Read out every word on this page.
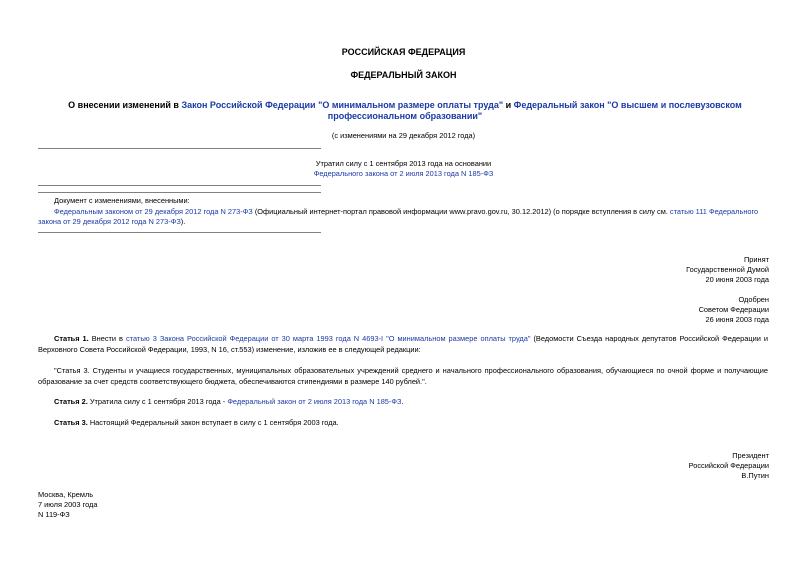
РОССИЙСКАЯ ФЕДЕРАЦИЯ
ФЕДЕРАЛЬНЫЙ ЗАКОН
О внесении изменений в Закон Российской Федерации "О минимальном размере оплаты труда" и Федеральный закон "О высшем и послевузовском профессиональном образовании"
(с изменениями на 29 декабря 2012 года)
Утратил силу с 1 сентября 2013 года на основании
Федерального закона от 2 июля 2013 года N 185-ФЗ
Документ с изменениями, внесенными:
Федеральным законом от 29 декабря 2012 года N 273-ФЗ (Официальный интернет-портал правовой информации www.pravo.gov.ru, 30.12.2012) (о порядке вступления в силу см. статью 111 Федерального закона от 29 декабря 2012 года N 273-ФЗ).
Принят
Государственной Думой
20 июня 2003 года
Одобрен
Советом Федерации
26 июня 2003 года
Статья 1. Внести в статью 3 Закона Российской Федерации от 30 марта 1993 года N 4693-I "О минимальном размере оплаты труда" (Ведомости Съезда народных депутатов Российской Федерации и Верховного Совета Российской Федерации, 1993, N 16, ст.553) изменение, изложив ее в следующей редакции:
"Статья 3. Студенты и учащиеся государственных, муниципальных образовательных учреждений среднего и начального профессионального образования, обучающиеся по очной форме и получающие образование за счет средств соответствующего бюджета, обеспечиваются стипендиями в размере 140 рублей.".
Статья 2. Утратила силу с 1 сентября 2013 года - Федеральный закон от 2 июля 2013 года N 185-ФЗ.
Статья 3. Настоящий Федеральный закон вступает в силу с 1 сентября 2003 года.
Президент
Российской Федерации
В.Путин
Москва, Кремль
7 июля 2003 года
N 119-ФЗ
